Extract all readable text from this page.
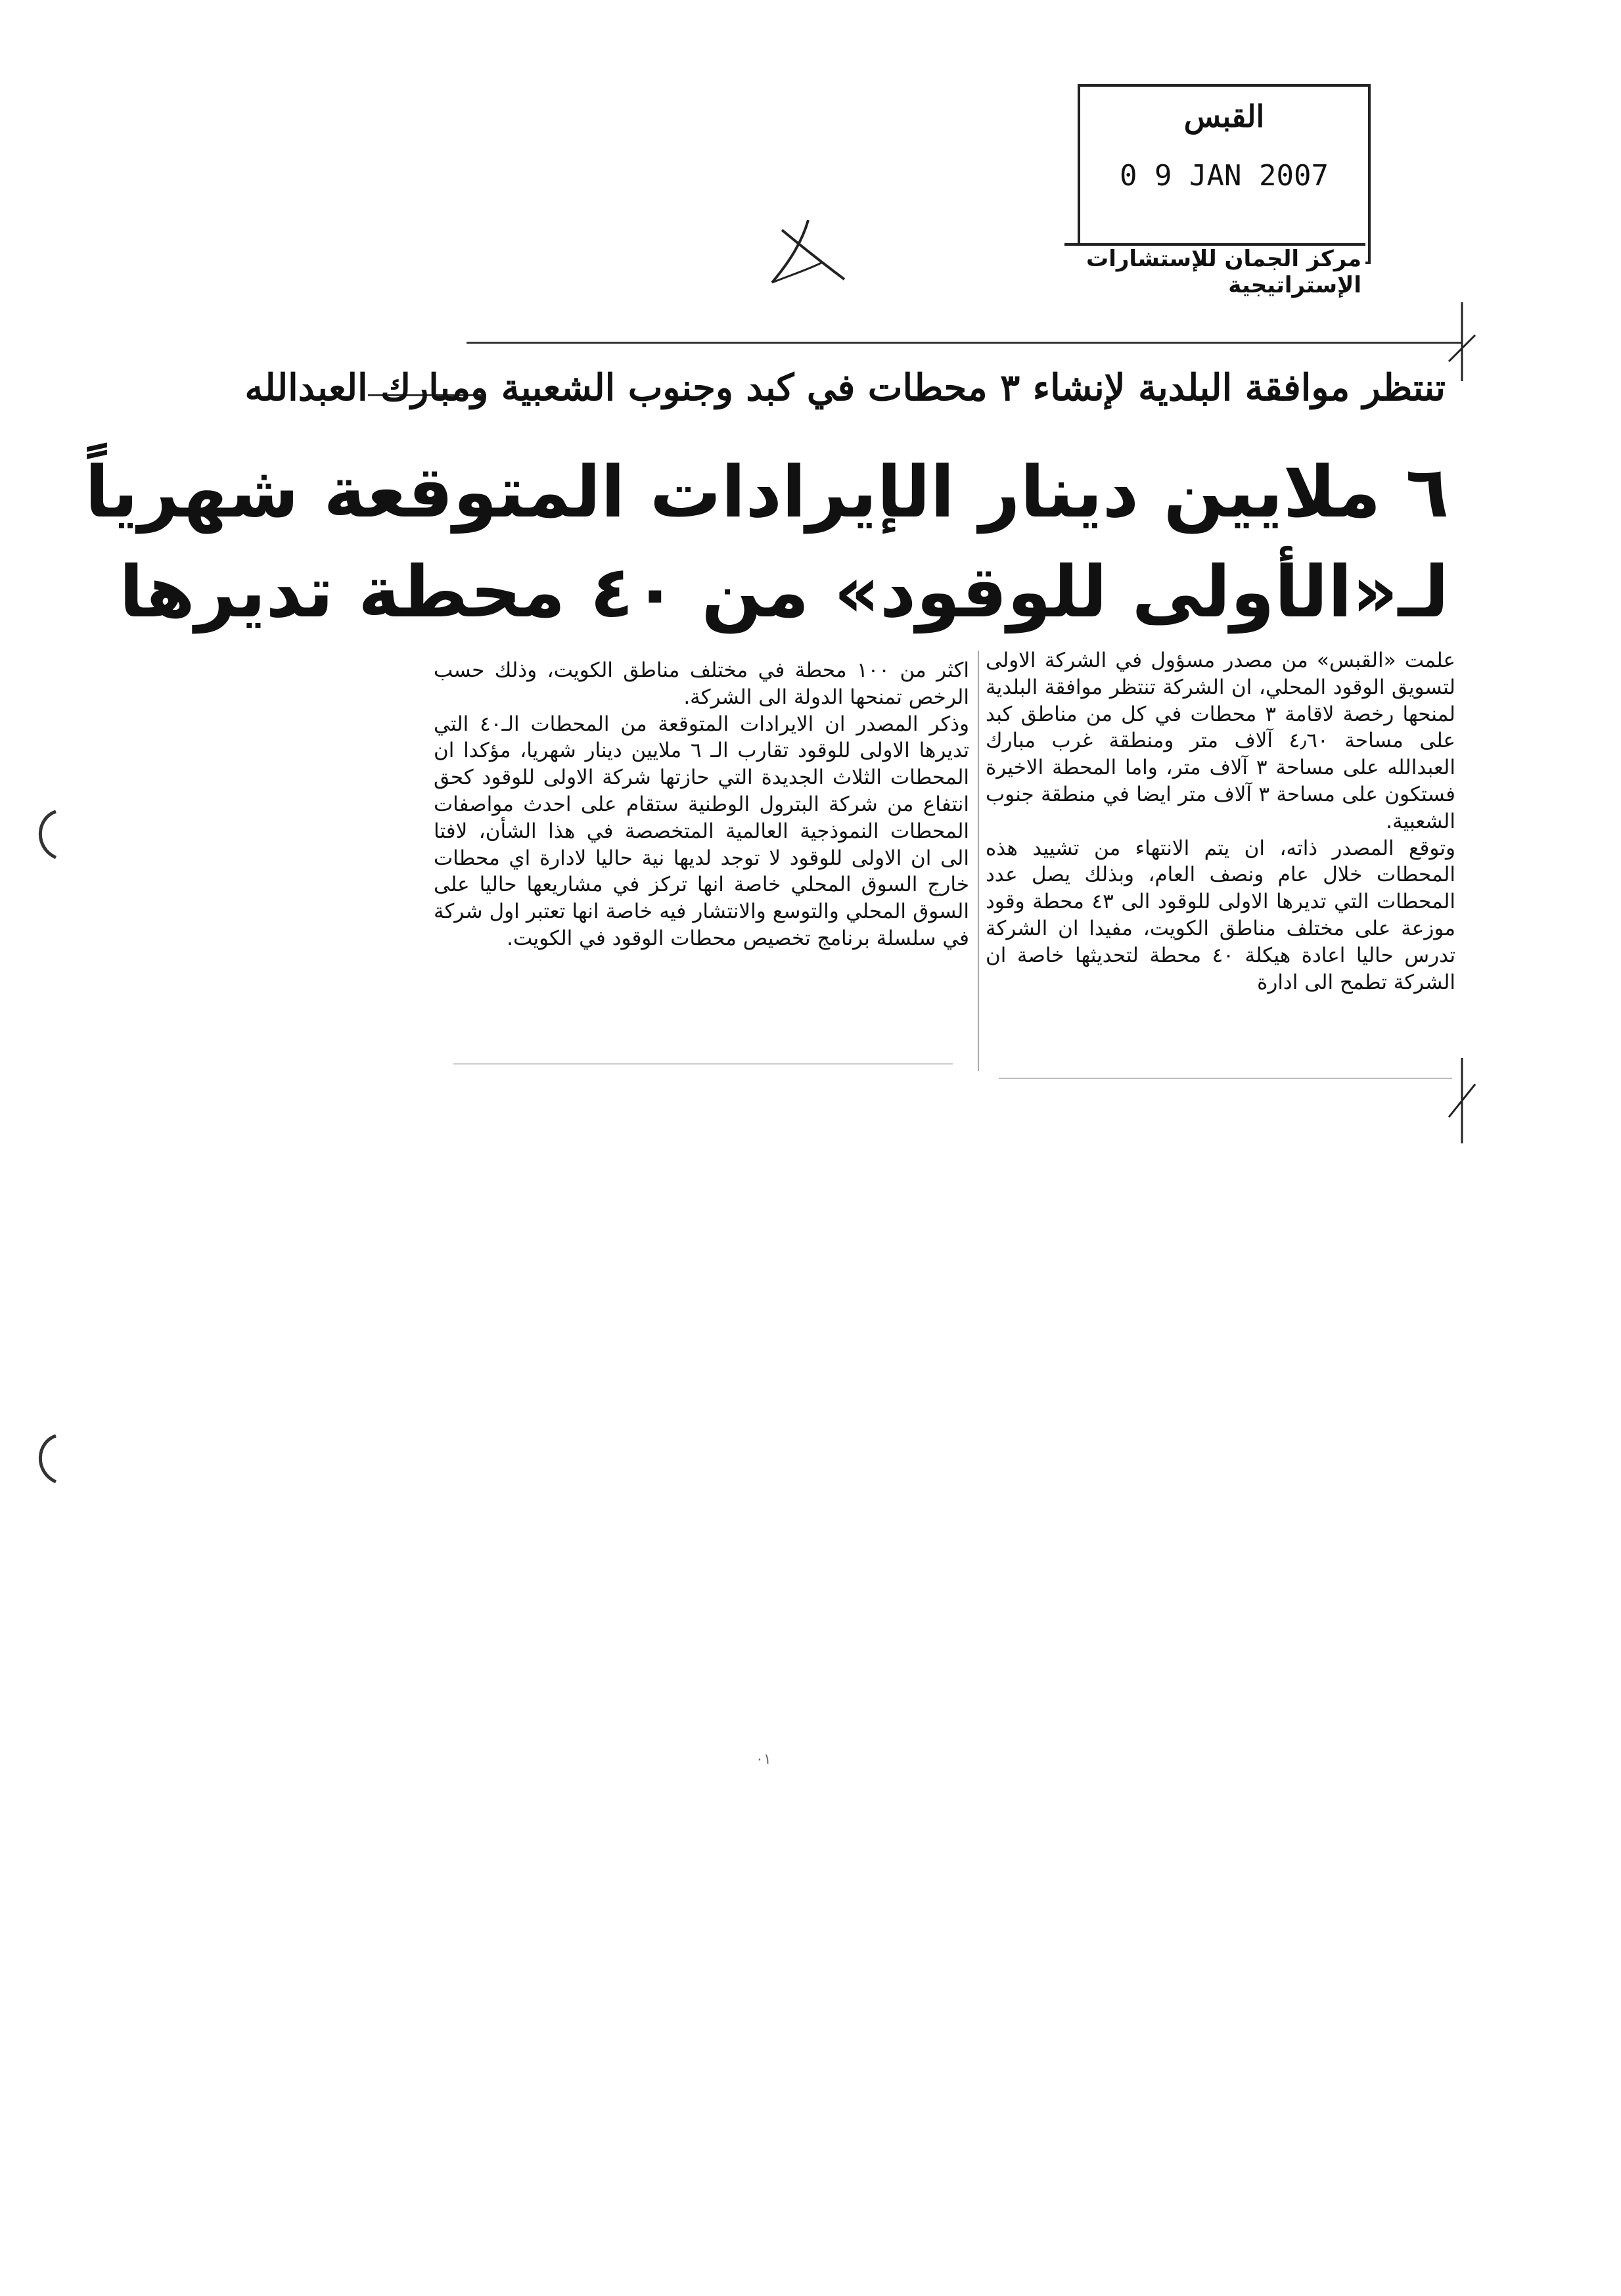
القبس
0 9 JAN 2007
مركز الجمان للإستشارات الإستراتيجية
تنتظر موافقة البلدية لإنشاء ٣ محطات في كبد وجنوب الشعبية ومبارك العبدالله
٦ ملايين دينار الإيرادات المتوقعة شهرياً
لـ«الأولى للوقود» من ٤٠ محطة تديرها

علمت «القبس» من مصدر مسؤول في الشركة الاولى لتسويق الوقود المحلي، ان الشركة تنتظر موافقة البلدية لمنحها رخصة لاقامة ٣ محطات في كل من مناطق كبد على مساحة ٤٫٦٠ آلاف متر ومنطقة غرب مبارك العبدالله على مساحة ٣ آلاف متر، واما المحطة الاخيرة فستكون على مساحة ٣ آلاف متر ايضا في منطقة جنوب الشعبية.

وتوقع المصدر ذاته، ان يتم الانتهاء من تشييد هذه المحطات خلال عام ونصف العام، وبذلك يصل عدد المحطات التي تديرها الاولى للوقود الى ٤٣ محطة وقود موزعة على مختلف مناطق الكويت، مفيدا ان الشركة تدرس حاليا اعادة هيكلة ٤٠ محطة لتحديثها خاصة ان الشركة تطمح الى ادارة

اكثر من ١٠٠ محطة في مختلف مناطق الكويت، وذلك حسب الرخص تمنحها الدولة الى الشركة.

وذكر المصدر ان الايرادات المتوقعة من المحطات الـ٤٠ التي تديرها الاولى للوقود تقارب الـ ٦ ملايين دينار شهريا، مؤكدا ان المحطات الثلاث الجديدة التي حازتها شركة الاولى للوقود كحق انتفاع من شركة البترول الوطنية ستقام على احدث مواصفات المحطات النموذجية العالمية المتخصصة في هذا الشأن، لافتا الى ان الاولى للوقود لا توجد لديها نية حاليا لادارة اي محطات خارج السوق المحلي خاصة انها تركز في مشاريعها حاليا على السوق المحلي والتوسع والانتشار فيه خاصة انها تعتبر اول شركة في سلسلة برنامج تخصيص محطات الوقود في الكويت.

٠١
